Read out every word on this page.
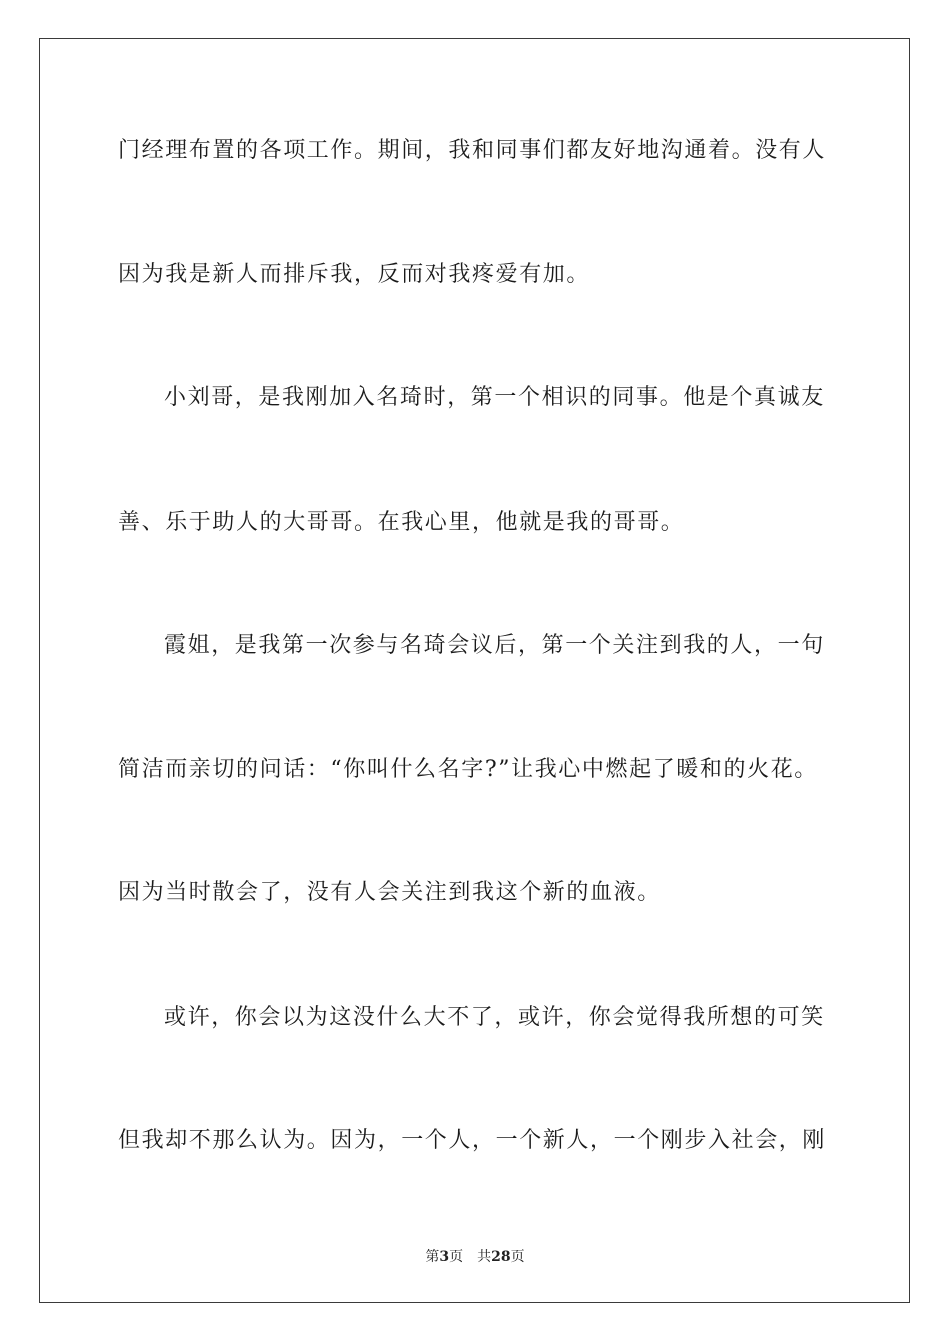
门经理布置的各项工作。期间，我和同事们都友好地沟通着。没有人
因为我是新人而排斥我，反而对我疼爱有加。
小刘哥，是我刚加入名琦时，第一个相识的同事。他是个真诚友
善、乐于助人的大哥哥。在我心里，他就是我的哥哥。
霞姐，是我第一次参与名琦会议后，第一个关注到我的人，一句
简洁而亲切的问话：“你叫什么名字?”让我心中燃起了暖和的火花。
因为当时散会了，没有人会关注到我这个新的血液。
或许，你会以为这没什么大不了，或许，你会觉得我所想的可笑
但我却不那么认为。因为，一个人，一个新人，一个刚步入社会，刚
第3页 共28页
